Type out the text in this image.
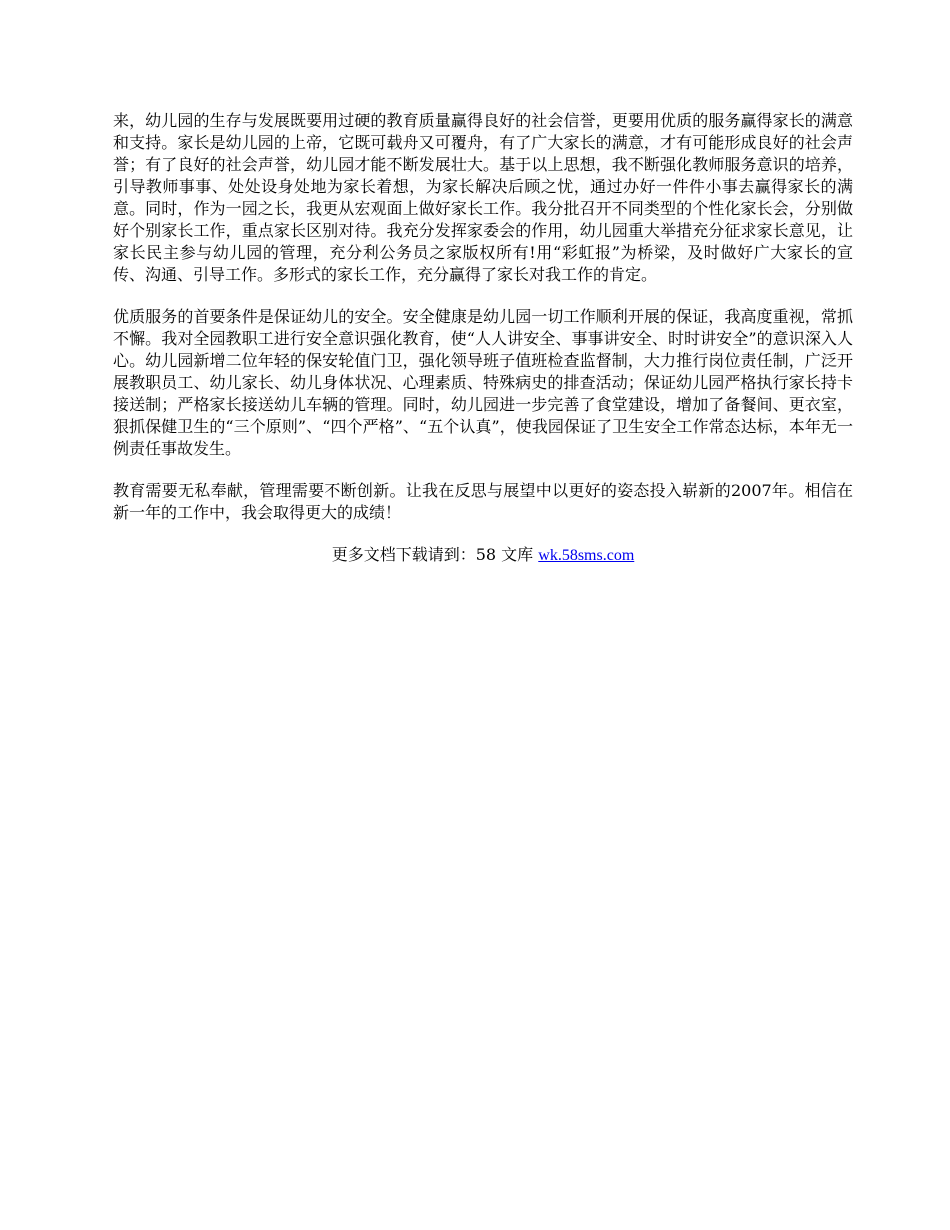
来，幼儿园的生存与发展既要用过硬的教育质量赢得良好的社会信誉，更要用优质的服务赢得家长的满意和支持。家长是幼儿园的上帝，它既可载舟又可覆舟，有了广大家长的满意，才有可能形成良好的社会声誉；有了良好的社会声誉，幼儿园才能不断发展壮大。基于以上思想，我不断强化教师服务意识的培养，引导教师事事、处处设身处地为家长着想，为家长解决后顾之忧，通过办好一件件小事去赢得家长的满意。同时，作为一园之长，我更从宏观面上做好家长工作。我分批召开不同类型的个性化家长会，分别做好个别家长工作，重点家长区别对待。我充分发挥家委会的作用，幼儿园重大举措充分征求家长意见，让家长民主参与幼儿园的管理，充分利公务员之家版权所有!用“彩虹报”为桥梁，及时做好广大家长的宣传、沟通、引导工作。多形式的家长工作，充分赢得了家长对我工作的肯定。

优质服务的首要条件是保证幼儿的安全。安全健康是幼儿园一切工作顺利开展的保证，我高度重视，常抓不懈。我对全园教职工进行安全意识强化教育，使“人人讲安全、事事讲安全、时时讲安全”的意识深入人心。幼儿园新增二位年轻的保安轮值门卫，强化领导班子值班检查监督制，大力推行岗位责任制，广泛开展教职员工、幼儿家长、幼儿身体状况、心理素质、特殊病史的排查活动；保证幼儿园严格执行家长持卡接送制；严格家长接送幼儿车辆的管理。同时，幼儿园进一步完善了食堂建设，增加了备餐间、更衣室，狠抓保健卫生的“三个原则”、“四个严格”、“五个认真”，使我园保证了卫生安全工作常态达标，本年无一例责任事故发生。

教育需要无私奉献，管理需要不断创新。让我在反思与展望中以更好的姿态投入崭新的2007年。相信在新一年的工作中，我会取得更大的成绩！

更多文档下载请到：58 文库 wk.58sms.com
